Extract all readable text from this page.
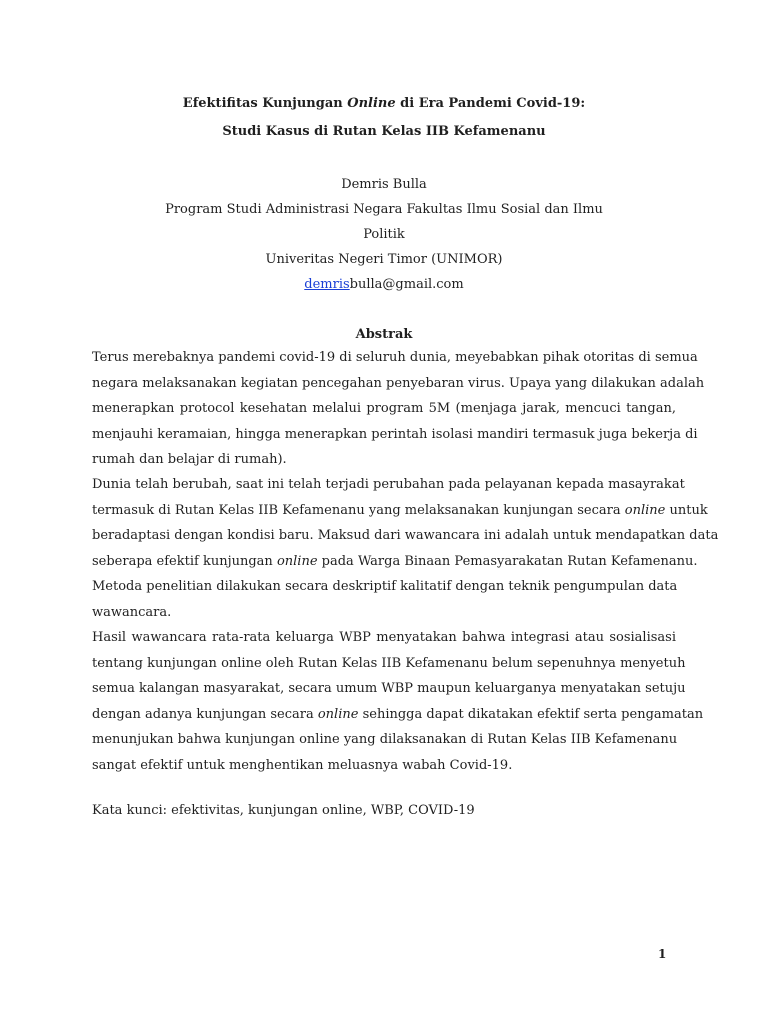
Efektifitas Kunjungan Online di Era Pandemi Covid-19:
Studi Kasus di Rutan Kelas IIB Kefamenanu
Demris Bulla
Program Studi Administrasi Negara Fakultas Ilmu Sosial dan Ilmu
Politik
Univeritas Negeri Timor (UNIMOR)
demrisbulla@gmail.com
Abstrak
Terus merebaknya pandemi covid-19 di seluruh dunia, meyebabkan pihak otoritas di semua
negara melaksanakan kegiatan pencegahan penyebaran virus. Upaya yang dilakukan adalah
menerapkan protocol kesehatan melalui program 5M (menjaga jarak, mencuci tangan,
menjauhi keramaian, hingga menerapkan perintah isolasi mandiri termasuk juga bekerja di
rumah dan belajar di rumah).
Dunia telah berubah, saat ini telah terjadi perubahan pada pelayanan kepada masayrakat
termasuk di Rutan Kelas IIB Kefamenanu yang melaksanakan kunjungan secara online untuk
beradaptasi dengan kondisi baru. Maksud dari wawancara ini adalah untuk mendapatkan data
seberapa efektif kunjungan online pada Warga Binaan Pemasyarakatan Rutan Kefamenanu.
Metoda penelitian dilakukan secara deskriptif kalitatif dengan teknik pengumpulan data
wawancara.
Hasil wawancara rata-rata keluarga WBP menyatakan bahwa integrasi atau sosialisasi
tentang kunjungan online oleh Rutan Kelas IIB Kefamenanu belum sepenuhnya menyetuh
semua kalangan masyarakat, secara umum WBP maupun keluarganya menyatakan setuju
dengan adanya kunjungan secara online sehingga dapat dikatakan efektif serta pengamatan
menunjukan bahwa kunjungan online yang dilaksanakan di Rutan Kelas IIB Kefamenanu
sangat efektif untuk menghentikan meluasnya wabah Covid-19.
Kata kunci: efektivitas, kunjungan online, WBP, COVID-19
1
